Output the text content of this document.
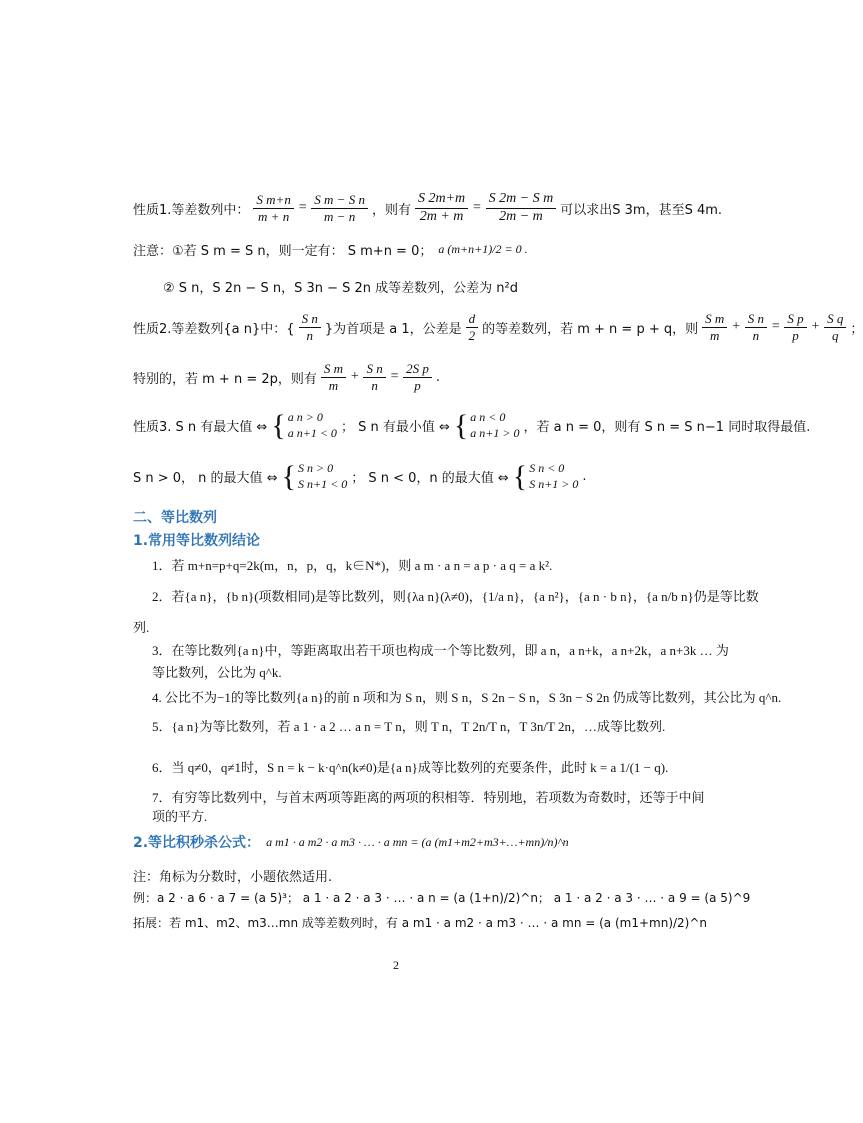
性质1.等差数列中： $\frac{\text{S m+n}}{m + n} = \frac{\text{S m − S n}}{m - n}$ ，则有 $\frac{S 2m+m}{2m + m} = \frac{\text{S 2m − S m}}{2m - m}$ 可以求出S 3m，甚至S 4m.
注意：①若 S m = S n，则一定有： S m+n = 0； a (m+n+1)/2 = 0 .
② S n，S 2n − S n，S 3n − S 2n 成等差数列，公差为 n²d
性质2.等差数列{a n}中：{ $\frac{\text{S n}}{n}$ }为首项是 a 1，公差是 $\frac{d}{2}$ 的等差数列，若 m + n = p + q，则 $\frac{\text{S m}}{m} + \frac{\text{S n}}{n} = \frac{\text{S p}}{p} + \frac{\text{S q}}{q}$ ；
特别的，若 m + n = 2p，则有 $\frac{\text{S m}}{m} + \frac{\text{S n}}{n} = \frac{\text{2S p}}{p}$ .
性质3. S n 有最大值 ⇔ { a n > 0
a n+1 < 0 ； S n 有最小值 ⇔ { a n < 0
a n+1 > 0 ，若 a n = 0，则有 S n = S n−1 同时取得最值.
S n > 0， n 的最大值 ⇔ { S n > 0
S n+1 < 0 ； S n < 0，n 的最大值 ⇔ { S n < 0
S n+1 > 0 .
二、等比数列
1.常用等比数列结论
1．若 m+n=p+q=2k(m，n，p，q，k∈N*)，则 a m · a n = a p · a q = a k².
2．若{a n}，{b n}(项数相同)是等比数列，则{λa n}(λ≠0)，{1/a n}，{a n²}，{a n · b n}，{a n/b n}仍是等比数
列.
3．在等比数列{a n}中，等距离取出若干项也构成一个等比数列，即 a n，a n+k，a n+2k，a n+3k … 为
等比数列，公比为 q^k.
4. 公比不为−1的等比数列{a n}的前 n 项和为 S n，则 S n，S 2n − S n，S 3n − S 2n 仍成等比数列，其公比为 q^n.
5．{a n}为等比数列，若 a 1 · a 2 … a n = T n，则 T n，T 2n/T n，T 3n/T 2n，…成等比数列.
6．当 q≠0，q≠1时，S n = k − k·q^n(k≠0)是{a n}成等比数列的充要条件，此时 k = a 1/(1 − q).
7．有穷等比数列中，与首末两项等距离的两项的积相等．特别地，若项数为奇数时，还等于中间
项的平方.
2.等比积秒杀公式： a m1 · a m2 · a m3 · … · a mn = (a (m1+m2+m3+…+mn)/n)^n
注：角标为分数时，小题依然适用.
例：a 2 · a 6 · a 7 = (a 5)³； a 1 · a 2 · a 3 · … · a n = (a (1+n)/2)^n； a 1 · a 2 · a 3 · … · a 9 = (a 5)^9
拓展：若 m1、m2、m3…mn 成等差数列时，有 a m1 · a m2 · a m3 · … · a mn = (a (m1+mn)/2)^n
2
